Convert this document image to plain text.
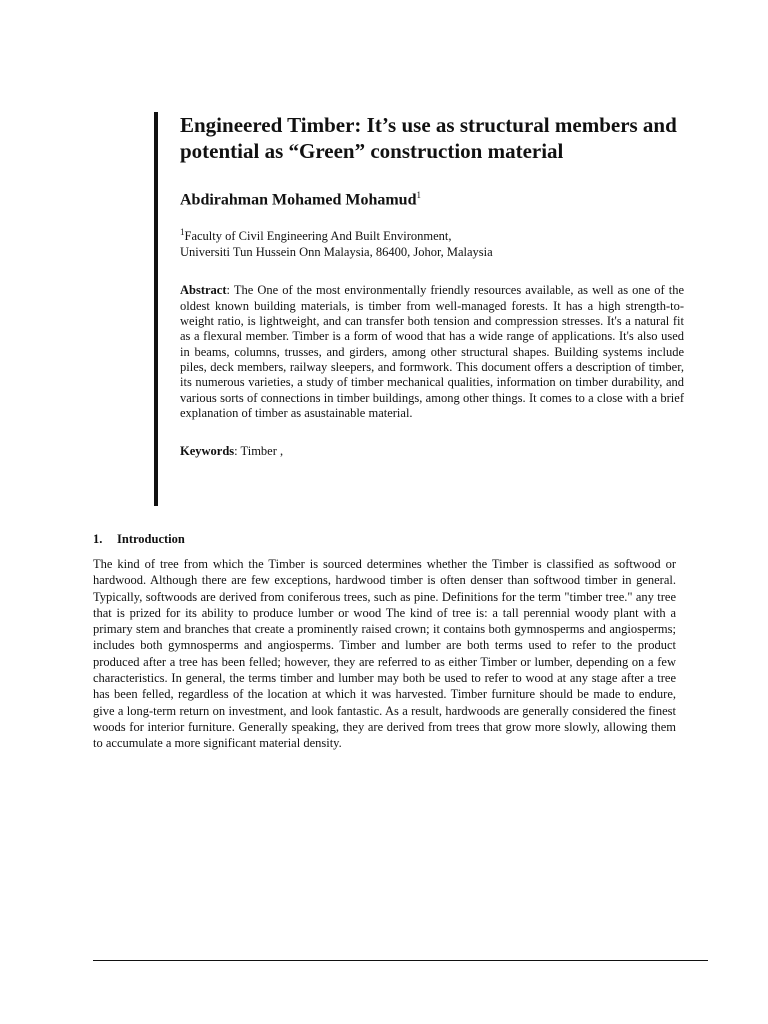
Engineered Timber: It’s use as structural members and potential as “Green” construction material
Abdirahman Mohamed Mohamud$^1$
$^1$Faculty of Civil Engineering And Built Environment,
Universiti Tun Hussein Onn Malaysia, 86400, Johor, Malaysia
Abstract: The One of the most environmentally friendly resources available, as well as one of the oldest known building materials, is timber from well-managed forests. It has a high strength-to-weight ratio, is lightweight, and can transfer both tension and compression stresses. It's a natural fit as a flexural member. Timber is a form of wood that has a wide range of applications. It's also used in beams, columns, trusses, and girders, among other structural shapes. Building systems include piles, deck members, railway sleepers, and formwork. This document offers a description of timber, its numerous varieties, a study of timber mechanical qualities, information on timber durability, and various sorts of connections in timber buildings, among other things. It comes to a close with a brief explanation of timber as asustainable material.
Keywords: Timber ,
1. Introduction

The kind of tree from which the Timber is sourced determines whether the Timber is classified as softwood or hardwood. Although there are few exceptions, hardwood timber is often denser than softwood timber in general. Typically, softwoods are derived from coniferous trees, such as pine. Definitions for the term "timber tree." any tree that is prized for its ability to produce lumber or wood The kind of tree is: a tall perennial woody plant with a primary stem and branches that create a prominently raised crown; it contains both gymnosperms and angiosperms; includes both gymnosperms and angiosperms. Timber and lumber are both terms used to refer to the product produced after a tree has been felled; however, they are referred to as either Timber or lumber, depending on a few characteristics. In general, the terms timber and lumber may both be used to refer to wood at any stage after a tree has been felled, regardless of the location at which it was harvested. Timber furniture should be made to endure, give a long-term return on investment, and look fantastic. As a result, hardwoods are generally considered the finest woods for interior furniture. Generally speaking, they are derived from trees that grow more slowly, allowing them to accumulate a more significant material density.
